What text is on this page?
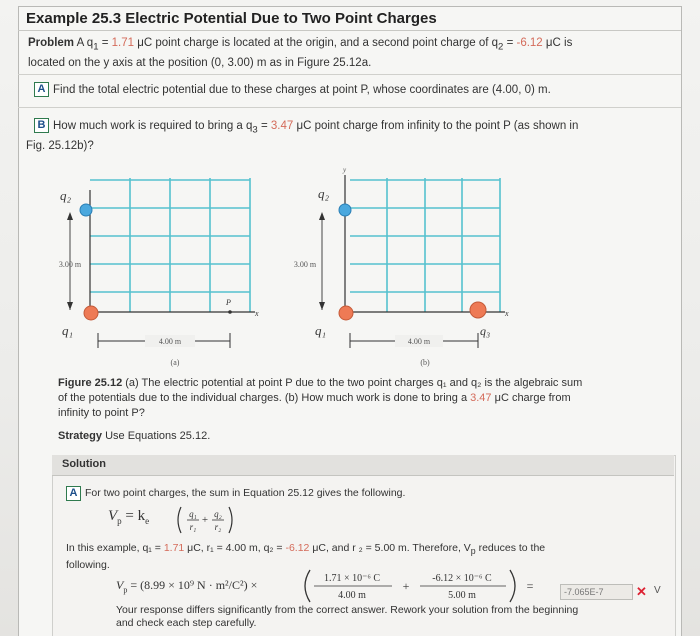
Example 25.3 Electric Potential Due to Two Point Charges
Problem A $q_1 = 1.71$ μC point charge is located at the origin, and a second point charge of $q_2 = -6.12$ μC is
located on the y axis at the position (0, 3.00) m as in Figure 25.12a.
A Find the total electric potential due to these charges at point P, whose coordinates are (4.00, 0) m.
B How much work is required to bring a $q_3 = 3.47$ μC point charge from infinity to the point P (as shown in
Fig. 25.12b)?
3.00 m
q₂
q₁
P
x
4.00 m
(a)
y
3.00 m
q₂
q₁	q₃
x
4.00 m
(b)
Figure 25.12 (a) The electric potential at point P due to the two point charges q₁ and q₂ is the algebraic sum
of the potentials due to the individual charges. (b) How much work is done to bring a 3.47 μC charge from
infinity to point P?
Strategy Use Equations 25.12.
Solution
A For two point charges, the sum in Equation 25.12 gives the following.
$V_p = k_e$
q₁
r₁
+ q₂
r₂
In this example, q₁ = 1.71 μC, r₁ = 4.00 m, q₂ = -6.12 μC, and r ₂ = 5.00 m. Therefore, $V_p$ reduces to the
following.
$V_p = (8.99 \times 10^9$ N · m²/C²) ×	1.71 × 10⁻⁶ C
4.00 m
+
-6.12 × 10⁻⁶ C
5.00 m
=	-7.065E-7	✕ V
Your response differs significantly from the correct answer. Rework your solution from the beginning
and check each step carefully.
